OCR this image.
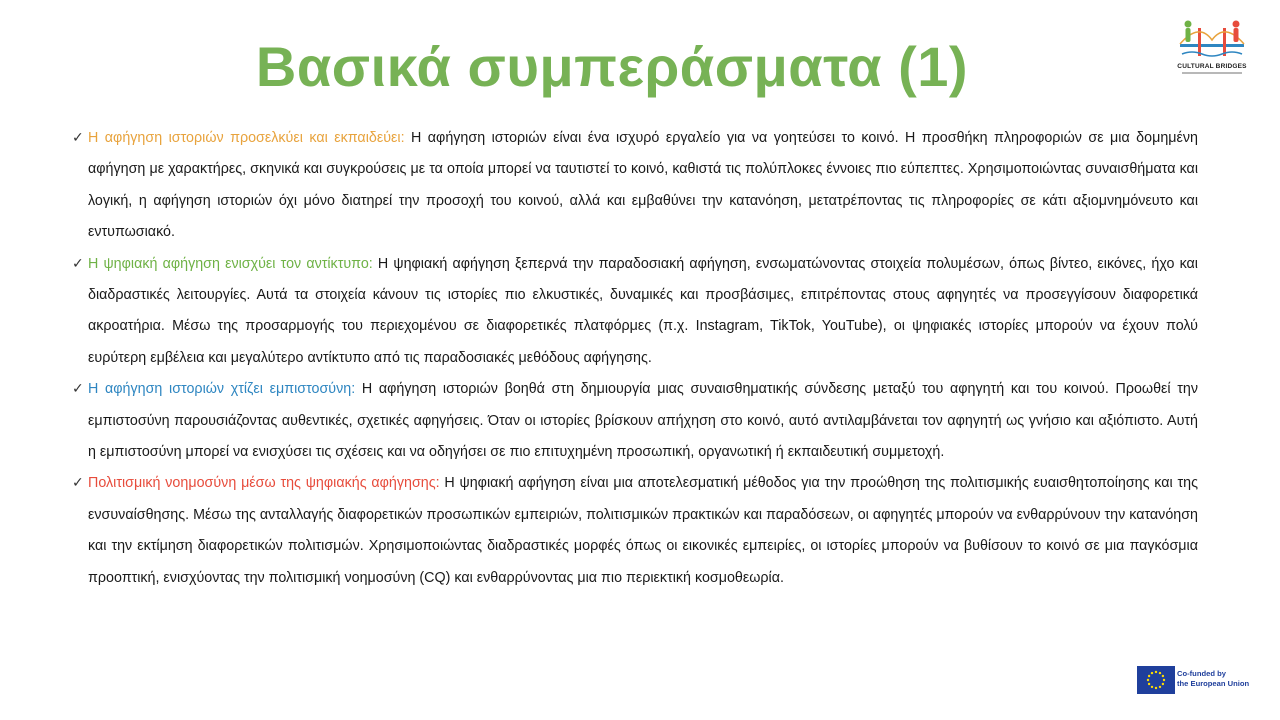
Βασικά συμπεράσματα (1)	CULTURAL BRIDGES
✓ Η αφήγηση ιστοριών προσελκύει και εκπαιδεύει: Η αφήγηση ιστοριών είναι ένα ισχυρό εργαλείο για να γοητεύσει το κοινό. Η προσθήκη πληροφοριών σε μια δομημένη αφήγηση με χαρακτήρες, σκηνικά και συγκρούσεις με τα οποία μπορεί να ταυτιστεί το κοινό, καθιστά τις πολύπλοκες έννοιες πιο εύπεπτες. Χρησιμοποιώντας συναισθήματα και λογική, η αφήγηση ιστοριών όχι μόνο διατηρεί την προσοχή του κοινού, αλλά και εμβαθύνει την κατανόηση, μετατρέποντας τις πληροφορίες σε κάτι αξιομνημόνευτο και εντυπωσιακό.
✓ Η ψηφιακή αφήγηση ενισχύει τον αντίκτυπο: Η ψηφιακή αφήγηση ξεπερνά την παραδοσιακή αφήγηση, ενσωματώνοντας στοιχεία πολυμέσων, όπως βίντεο, εικόνες, ήχο και διαδραστικές λειτουργίες. Αυτά τα στοιχεία κάνουν τις ιστορίες πιο ελκυστικές, δυναμικές και προσβάσιμες, επιτρέποντας στους αφηγητές να προσεγγίσουν διαφορετικά ακροατήρια. Μέσω της προσαρμογής του περιεχομένου σε διαφορετικές πλατφόρμες (π.χ. Instagram, TikTok, YouTube), οι ψηφιακές ιστορίες μπορούν να έχουν πολύ ευρύτερη εμβέλεια και μεγαλύτερο αντίκτυπο από τις παραδοσιακές μεθόδους αφήγησης.
✓ Η αφήγηση ιστοριών χτίζει εμπιστοσύνη: Η αφήγηση ιστοριών βοηθά στη δημιουργία μιας συναισθηματικής σύνδεσης μεταξύ του αφηγητή και του κοινού. Προωθεί την εμπιστοσύνη παρουσιάζοντας αυθεντικές, σχετικές αφηγήσεις. Όταν οι ιστορίες βρίσκουν απήχηση στο κοινό, αυτό αντιλαμβάνεται τον αφηγητή ως γνήσιο και αξιόπιστο. Αυτή η εμπιστοσύνη μπορεί να ενισχύσει τις σχέσεις και να οδηγήσει σε πιο επιτυχημένη προσωπική, οργανωτική ή εκπαιδευτική συμμετοχή.
✓ Πολιτισμική νοημοσύνη μέσω της ψηφιακής αφήγησης: Η ψηφιακή αφήγηση είναι μια αποτελεσματική μέθοδος για την προώθηση της πολιτισμικής ευαισθητοποίησης και της ενσυναίσθησης. Μέσω της ανταλλαγής διαφορετικών προσωπικών εμπειριών, πολιτισμικών πρακτικών και παραδόσεων, οι αφηγητές μπορούν να ενθαρρύνουν την κατανόηση και την εκτίμηση διαφορετικών πολιτισμών. Χρησιμοποιώντας διαδραστικές μορφές όπως οι εικονικές εμπειρίες, οι ιστορίες μπορούν να βυθίσουν το κοινό σε μια παγκόσμια προοπτική, ενισχύοντας την πολιτισμική νοημοσύνη (CQ) και ενθαρρύνοντας μια πιο περιεκτική κοσμοθεωρία.
Co-funded by
the European Union
